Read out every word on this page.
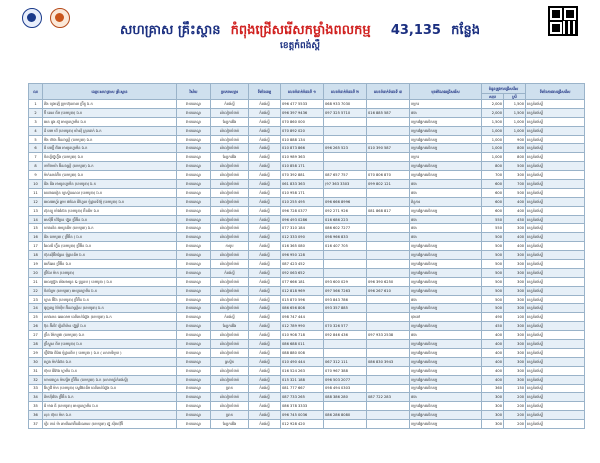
សហគ្រាស គ្រឹះស្ថាន កំពុងជ្រើសរើសកម្លាំងពលកម្ម 43,135 កន្លែង
ខេត្តកំពង់ស្ពឺ
លរ	ឈ្មោះសហគ្រាស គ្រឹះស្ថាន	វិស័យ	ប្រភេទសម្ភារ	ទីតាំងខេត្ត	លេខទំនាក់ទំនងទី ១	លេខទំនាក់ទំនងទី ២	លេខទំនាក់ទំនងទី ៣	មុខតំណែងជ្រើសរើស	ចំនួនត្រូវការជ្រើសរើស		ទីតាំងការងារជ្រើសរើស
									សរុប	ស្រី	
1	ពីង ហួងឡើ ក្រុមហ៊ុនធានា ប្រ៊ីភ្ជូ ឯ.ក	វាយនភណ្ឌ	កំពង់ស្ពឺ	កំពង់ស្ពឺ	096 477 5533	068 933 7030		កម្មករ	2,000	1,500	ខេត្តកំពង់ស្ពឺ
2	ប៊ី ឆេស ធីម (ខេមបូឌា) ឯ.ក	វាយនភណ្ឌ	សំលៀកបំពាក់	កំពង់ស្ពឺ	096 397 9436	097 325 5710	016 885 587	ជាង	2,000	1,500	ខេត្តកំពង់ស្ពឺ
3	អេន ឌួង ស៊ូ អាយួនហ្គាមីន ឯ.ក	វាយនភណ្ឌ	ស្បែកជើង	កំពង់ស្ពឺ	070 860 000			កម្មករផ្នែកផលិតកម្ម	1,500	1,000	ខេត្តកំពង់ស្ពឺ
4	ដឹ អេម ឃី (ខេមបូឌា) យ៉ាស៊ី គ្រុបដាក់ ឯ.ក	វាយនភណ្ឌ	សំលៀកបំពាក់	កំពង់ស្ពឺ	070 892 020			កម្មករផ្នែកផលិតកម្ម	1,000	1,000	ខេត្តកំពង់ស្ពឺ
5	មីង ហ៊ាង អ៊ិនដាស្ទ្រី (ខេមបូឌា) ឯ.ក	វាយនភណ្ឌ	សំលៀកបំពាក់	កំពង់ស្ពឺ	010 888 134			កម្មករផ្នែកផលិតកម្ម	1,000	900	ខេត្តកំពង់ស្ពឺ
6	ធី អេហ្វ៊ី ជីអេ អាយួនហ្គាមីន ឯ.ក	វាយនភណ្ឌ	សំលៀកបំពាក់	កំពង់ស្ពឺ	010 873 866	096 265 523	010 390 587	កម្មករផ្នែកផលិតកម្ម	1,000	800	ខេត្តកំពង់ស្ពឺ
7	ចិនហ្វីហ្វ៊ូហ្វ៊ីង (ខេមបូឌា) ឯ.ក	វាយនភណ្ឌ	ស្បែកជើង	កំពង់ស្ពឺ	010 989 363			កម្មករ	1,000	800	ខេត្តកំពង់ស្ពឺ
8	កាមីចាយ៉ា អ៊ិនដាស្ទ្រី (ខេមបូឌា) ឯ.ក	វាយនភណ្ឌ	សំលៀកបំពាក់	កំពង់ស្ពឺ	010 858 171			កម្មករផ្នែកផលិតកម្ម	800	500	ខេត្តកំពង់ស្ពឺ
9	ម៉ាក់សាន់អ៊ិក (ខេមបូឌា) ឯ.ក	វាយនភណ្ឌ	សំលៀកបំពាក់	កំពង់ស្ពឺ	070 392 881	087 657 757	070 806 870	កម្មករផ្នែកផលិតកម្ម	700	300	ខេត្តកំពង់ស្ពឺ
10	ធីង ធីង អាយួនហ្គាមីន (ខេមបូឌា) ឯ.ក	វាយនភណ្ឌ	សំលៀកបំពាក់	កំពង់ស្ពឺ	061 833 363	(97 363 3303	099 802 121	ជាង	600	700	ខេត្តកំពង់ស្ពឺ
11	ឈេងឈៀន ហ្វាស្ហិនណល (ខេមបូឌា) ឯ.ក	វាយនភណ្ឌ	សំលៀកបំពាក់	កំពង់ស្ពឺ	010 958 171			ជាង	600	500	ខេត្តកំពង់ស្ពឺ
12	អេលអេហ្វ័រ ឆ្លាម ជាណែ ធីហ្គែល ម៉ូដ្ឋានទីវម៉ូ (ខេមបូឌា) ឯ.ក	វាយនភណ្ឌ	សំលៀកបំពាក់	កំពង់ស្ពឺ	010 255 495	096 666 8996		ពិន្ទុការ	600	400	ខេត្តកំពង់ស្ពឺ
13	ស៊ុនហ្វូ ម៉េងស៊ែន (ខេមបូឌា) អ៊ិនធីម ឯ.ក	វាយនភណ្ឌ	សំលៀកបំពាក់	កំពង់ស្ពឺ	096 728 0377	092 271 926	081 868 817	កម្មករផ្នែកផលិតកម្ម	600	400	ខេត្តកំពង់ស្ពឺ
14	អាស៊ីអ៊ី ឃីក្រែន ហ្វ៊ូត ប្រ៊ីអ៊ិន ឯ.ក	វាយនភណ្ឌ	សំលៀកបំពាក់	កំពង់ស្ពឺ	096 493 0286	016 686 223		ជាង	550	450	ខេត្តកំពង់ស្ពឺ
15	ហាងសិន អាយួនធីម (ខេមបូឌា) ឯ.ក	វាយនភណ្ឌ	សំលៀកបំពាក់	កំពង់ស្ពឺ	077 310 184	086 602 7277		ជាង	550	300	ខេត្តកំពង់ស្ពឺ
16	ធីង ខេមបូឌា ( ប្រ៊ីអ៊ិន ) ឯ.ក	វាយនភណ្ឌ	សំលៀកបំពាក់	កំពង់ស្ពឺ	012 333 090	098 966 833		ជាង	500	400	ខេត្តកំពង់ស្ពឺ
17	ឆែលធី ហ្វ៊ីន (ខេមបូឌា) ប្រ៊ីអ៊ិន ឯ.ក	វាយនភណ្ឌ	កាបូប	កំពង់ស្ពឺ	016 365 080	016 407 705		កម្មករផ្នែកផលិតកម្ម	500	400	ខេត្តកំពង់ស្ពឺ
18	ហ៊ុនស៊ីអ៊ីងគ្រែន ម៉ូដ្ឋានធីម ឯ.ក	វាយនភណ្ឌ	សំលៀកបំពាក់	កំពង់ស្ពឺ	096 950 128			កម្មករផ្នែកផលិតកម្ម	500	300	ខេត្តកំពង់ស្ពឺ
19	អេភីឆេន ប្រ៊ីអ៊ិន ឯ.ក	វាយនភណ្ឌ	សំលៀកបំពាក់	កំពង់ស្ពឺ	087 423 452			កម្មករផ្នែកផលិតកម្ម	500	300	ខេត្តកំពង់ស្ពឺ
20	ប្រ៊ីលែ ម៉ាក (ខេមបូឌា)	វាយនភណ្ឌ	កំពង់ស្ពឺ	កំពង់ស្ពឺ	092 063 652			កម្មករផ្នែកផលិតកម្ម	500	300	ខេត្តកំពង់ស្ពឺ
21	អេលហ្គ្រ៊ុង តាំងអាយួន & ហ្វ្រគម ( ខេមបូឌា ) ឯ.ក	វាយនភណ្ឌ	សំលៀកបំពាក់	កំពង់ស្ពឺ	077 666 181	093 600 029	096 390 6250	កម្មករផ្នែកផលិតកម្ម	500	300	ខេត្តកំពង់ស្ពឺ
22	ចិនហ្វែម (ខេមបូឌា) អាយួនហ្គាមីន ឯ.ក	វាយនភណ្ឌ	សំលៀកបំពាក់	កំពង់ស្ពឺ	012 818 969	097 566 7263	096 267 610	កម្មករផ្នែកផលិតកម្ម	500	300	ខេត្តកំពង់ស្ពឺ
23	ហ្គាន អ៊ីវិន (ខេមបូឌា) ប្រ៊ីអ៊ិន ឯ.ក	វាយនភណ្ឌ	សំលៀកបំពាក់	កំពង់ស្ពឺ	015 870 596	093 843 786		ជាង	500	300	ខេត្តកំពង់ស្ពឺ
24	ជូញហ្វេ ម៉ៃហ៊ឹម អ៊ិនដាស្ទ្រីស (ខេមបូឌា) ឯ.ក	វាយនភណ្ឌ	សំលៀកបំពាក់	កំពង់ស្ពឺ	086 656 808	093 357 885		កម្មករផ្នែកផលិតកម្ម	500	300	ខេត្តកំពង់ស្ពឺ
25	លាវសាន ឆេឆលាម ឈើគាន់ស្ហ៊ែង (ខេមបូឌា) ឯ.ក	វាយនភណ្ឌ	កំពង់ស្ពឺ	កំពង់ស្ពឺ	098 747 444			ចុងភៅ	490	100	ខេត្តកំពង់ស្ពឺ
26	ប៊ុន អ៊ីលីវ ហ្វិនវីយ៉ាន ហ្វ៊ូត្រី ឯ.ក	វាយនភណ្ឌ	ស្បែកជើង	កំពង់ស្ពឺ	012 789 990	070 326 577		កម្មករផ្នែកផលិតកម្ម	450	300	ខេត្តកំពង់ស្ពឺ
27	ប្រ៊ីន ម៉ៃកម្ពុជា (ខេមបូឌា) ឯ.ក	វាយនភណ្ឌ	សំលៀកបំពាក់	កំពង់ស្ពឺ	010 908 718	092 846 436	097 933 2538	ជាង	400	300	ខេត្តកំពង់ស្ពឺ
28	ប្រ៊ីស្ហួស ធីម (ខេមបូឌា) ឯ.ក	វាយនភណ្ឌ	សំលៀកបំពាក់	កំពង់ស្ពឺ	086 688 011			កម្មករផ្នែកផលិតកម្ម	400	300	ខេត្តកំពង់ស្ពឺ
29	ហ្គ៊ីអ៊ែង ធីអែរ ម៉ូដ្ឋានធីម ( ខេមបូឌា ) ឯ.ក ( សាខាទីមួយ )	វាយនភណ្ឌ	សំលៀកបំពាក់	កំពង់ស្ពឺ	088 880 008			កម្មករផ្នែកផលិតកម្ម	400	300	ខេត្តកំពង់ស្ពឺ
30	ហ្គេង ម៉ាក់ស៊ែន ឯ.ក	វាយនភណ្ឌ	ប្លាស្ទិក	កំពង់ស្ពឺ	010 490 444	067 312 111	086 830 3943	កម្មករផ្នែកផលិតកម្ម	400	300	ខេត្តកំពង់ស្ពឺ
31	ហ៊ុយ ធីអ៊ែង ហ្គាមីន ឯ.ក	វាយនភណ្ឌ	សំលៀកបំពាក់	កំពង់ស្ពឺ	016 524 263	070 967 388		កម្មករផ្នែកផលិតកម្ម	400	300	ខេត្តកំពង់ស្ពឺ
32	ហាយហ្គេន ម៉ាក្សើម ប្រ៊ីអ៊ិន (ខេមបូឌា) ឯ.ក (សាខាហ្វ័រកំពង់ស្ពឺ)	វាយនភណ្ឌ	សំលៀកបំពាក់	កំពង់ស្ពឺ	015 321 188	096 503 2077		កម្មករផ្នែកផលិតកម្ម	400	300	ខេត្តកំពង់ស្ពឺ
33	រ៉ែហ្គូវ៉ែ ម៉ាក (ខេមបូឌា) ស្ហេអ៊ែនធីម ឈើគាន់ស្ហ៊ែង ឯ.ក	វាយនភណ្ឌ	ប្រាក	កំពង់ស្ពឺ	081 777 667	098 494 0303		កម្មករផ្នែកផលិតកម្ម	360	150	ខេត្តកំពង់ស្ពឺ
34	គិមហ៊ីវ៉ោង ប្រ៊ីអ៊ិន ឯ.ក	វាយនភណ្ឌ	សំលៀកបំពាក់	កំពង់ស្ពឺ	087 733 265	088 386 280	087 722 283	ជាង	300	200	ខេត្តកំពង់ស្ពឺ
35	ធី មាង ធី (ខេមបូឌា) អាយួនហ្គាមីន ឯ.ក	វាយនភណ្ឌ	សំលៀកបំពាក់	កំពង់ស្ពឺ	086 378 3333			កម្មករផ្នែកផលិតកម្ម	300	200	ខេត្តកំពង់ស្ពឺ
36	សុខ ហ៊ុយ ម៉ាក ឯ.ក	វាយនភណ្ឌ	ប្រាក	កំពង់ស្ពឺ	096 745 0036	086 286 8080		កម្មករផ្នែកផលិតកម្ម	300	200	ខេត្តកំពង់ស្ពឺ
37	ហ្គីរ ខាន់ ម៉ា ឆាយីណាអ៊ិនធីរណាស (ខេមបូឌា) ស្ហ៊ូ ស៊ីហេវ៉ីអ៊ី	វាយនភណ្ឌ	ស្បែកជើង	កំពង់ស្ពឺ	012 928 420			កម្មករផ្នែកផលិតកម្ម	300	200	ខេត្តកំពង់ស្ពឺ
